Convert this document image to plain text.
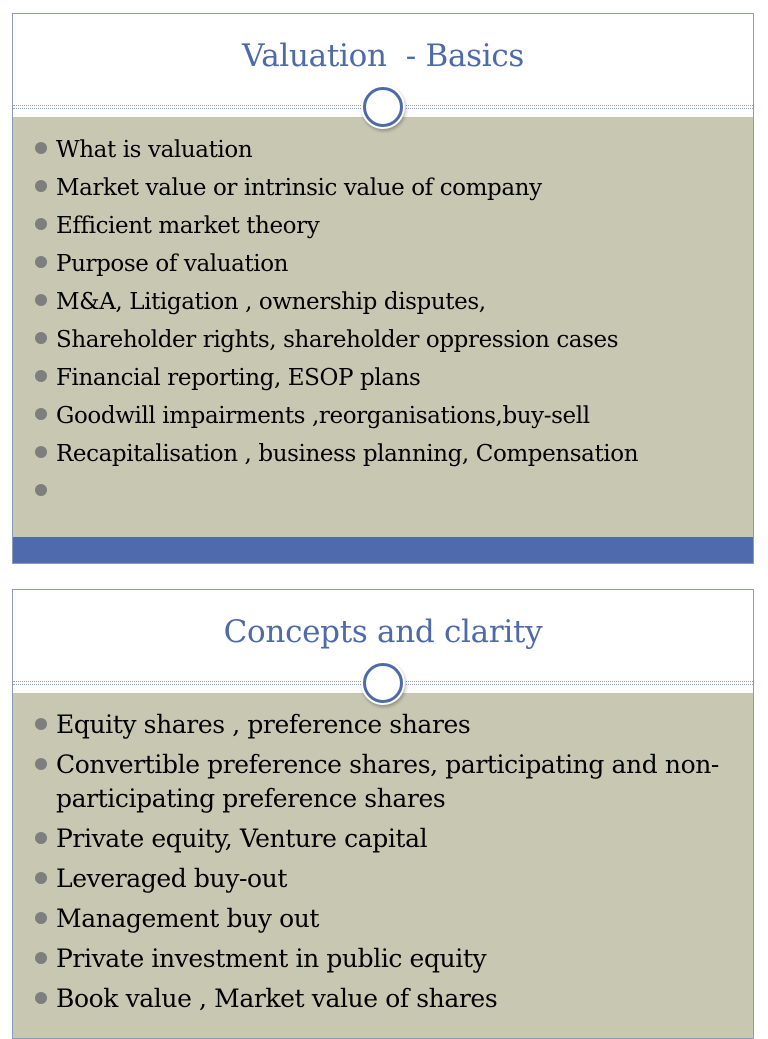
Valuation  - Basics
What is valuation
Market value or intrinsic value of company
Efficient market theory
Purpose of valuation
M&A, Litigation , ownership disputes,
Shareholder rights, shareholder oppression cases
Financial reporting, ESOP plans
Goodwill impairments ,reorganisations,buy-sell
Recapitalisation , business planning, Compensation
Concepts and clarity
Equity shares , preference shares
Convertible preference shares, participating and non-participating preference shares
Private equity, Venture capital
Leveraged buy-out
Management buy out
Private investment in public equity
Book value , Market value of shares
